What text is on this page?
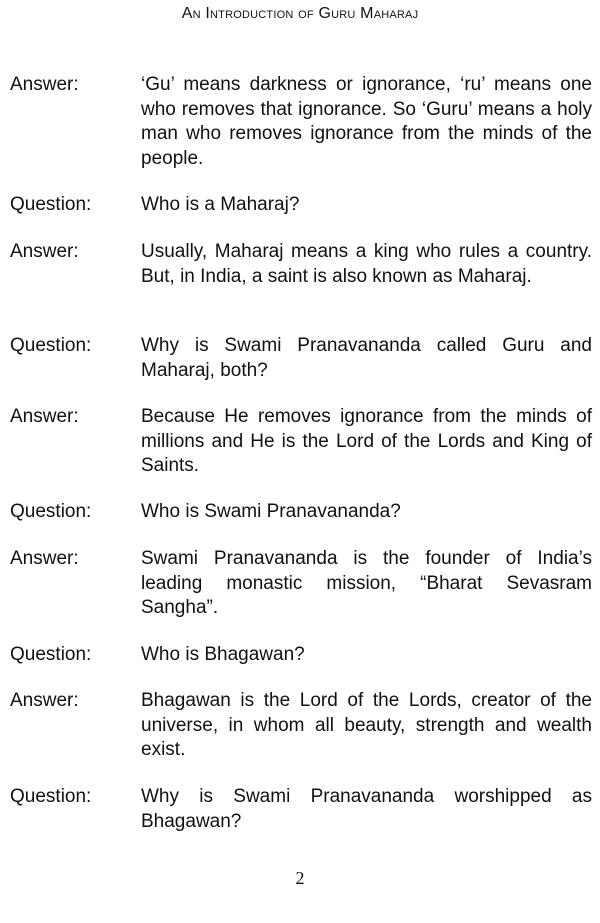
An Introduction of Guru Maharaj
Answer:	‘Gu’ means darkness or ignorance, ‘ru’ means one who removes that ignorance. So ‘Guru’ means a holy man who removes ignorance from the minds of the people.
Question:	Who is a Maharaj?
Answer:	Usually, Maharaj means a king who rules a country. But, in India, a saint is also known as Maharaj.
Question:	Why is Swami Pranavananda called Guru and Maharaj, both?
Answer:	Because He removes ignorance from the minds of millions and He is the Lord of the Lords and King of Saints.
Question:	Who is Swami Pranavananda?
Answer:	Swami Pranavananda is the founder of India’s leading monastic mission, “Bharat Sevasram Sangha”.
Question:	Who is Bhagawan?
Answer:	Bhagawan is the Lord of the Lords, creator of the universe, in whom all beauty, strength and wealth exist.
Question:	Why is Swami Pranavananda worshipped as Bhagawan?
2
